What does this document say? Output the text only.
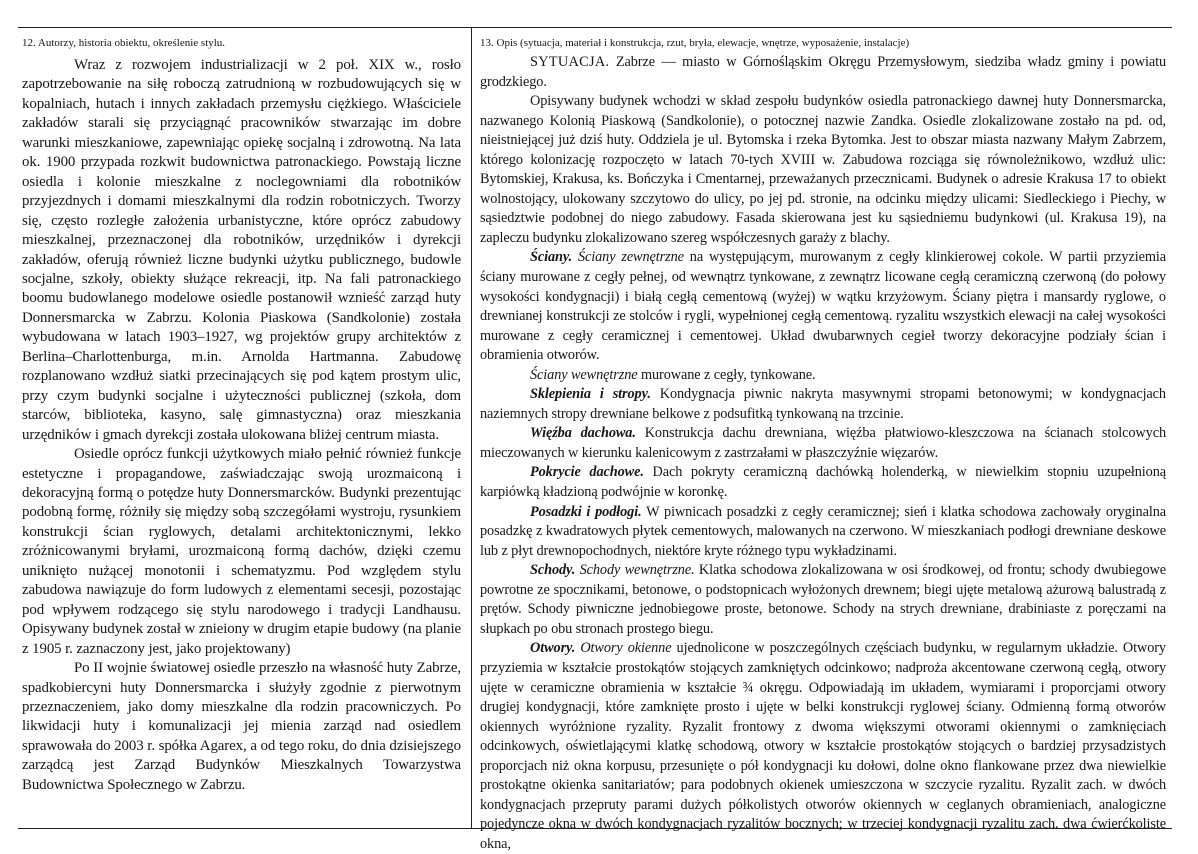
12. Autorzy, historia obiektu, określenie stylu.

Wraz z rozwojem industrializacji w 2 poł. XIX w., rosło zapotrzebowanie na siłę roboczą zatrudnioną w rozbudowujących się w kopalniach, hutach i innych zakładach przemysłu ciężkiego. Właściciele zakładów starali się przyciągnąć pracowników stwarzając im dobre warunki mieszkaniowe, zapewniając opiekę socjalną i zdrowotną. Na lata ok. 1900 przypada rozkwit budownictwa patronackiego. Powstają liczne osiedla i kolonie mieszkalne z noclegowniami dla robotników przyjezdnych i domami mieszkalnymi dla rodzin robotniczych. Tworzy się, często rozległe założenia urbanistyczne, które oprócz zabudowy mieszkalnej, przeznaczonej dla robotników, urzędników i dyrekcji zakładów, oferują również liczne budynki użytku publicznego, budowle socjalne, szkoły, obiekty służące rekreacji, itp. Na fali patronackiego boomu budowlanego modelowe osiedle postanowił wznieść zarząd huty Donnersmarcka w Zabrzu. Kolonia Piaskowa (Sandkolonie) została wybudowana w latach 1903–1927, wg projektów grupy architektów z Berlina–Charlottenburga, m.in. Arnolda Hartmanna. Zabudowę rozplanowano wzdłuż siatki przecinających się pod kątem prostym ulic, przy czym budynki socjalne i użyteczności publicznej (szkoła, dom starców, biblioteka, kasyno, salę gimnastyczna) oraz mieszkania urzędników i gmach dyrekcji została ulokowana bliżej centrum miasta.

Osiedle oprócz funkcji użytkowych miało pełnić również funkcje estetyczne i propagandowe, zaświadczając swoją urozmaiconą i dekoracyjną formą o potędze huty Donnersmarcków. Budynki prezentując podobną formę, różniły się między sobą szczegółami wystroju, rysunkiem konstrukcji ścian ryglowych, detalami architektonicznymi, lekko zróżnicowanymi bryłami, urozmaiconą formą dachów, dzięki czemu uniknięto nużącej monotonii i schematyzmu. Pod względem stylu zabudowa nawiązuje do form ludowych z elementami secesji, pozostając pod wpływem rodzącego się stylu narodowego i tradycji Landhausu. Opisywany budynek został w znieiony w drugim etapie budowy (na planie z 1905 r. zaznaczony jest, jako projektowany)

Po II wojnie światowej osiedle przeszło na własność huty Zabrze, spadkobiercyni huty Donnersmarcka i służyły zgodnie z pierwotnym przeznaczeniem, jako domy mieszkalne dla rodzin pracowniczych. Po likwidacji huty i komunalizacji jej mienia zarząd nad osiedlem sprawowała do 2003 r. spółka Agarex, a od tego roku, do dnia dzisiejszego zarządcą jest Zarząd Budynków Mieszkalnych Towarzystwa Budownictwa Społecznego w Zabrzu.

13. Opis (sytuacja, materiał i konstrukcja, rzut, bryła, elewacje, wnętrze, wyposażenie, instalacje)

SYTUACJA. Zabrze — miasto w Górnośląskim Okręgu Przemysłowym, siedziba władz gminy i powiatu grodzkiego.

Opisywany budynek wchodzi w skład zespołu budynków osiedla patronackiego dawnej huty Donnersmarcka, nazwanego Kolonią Piaskową (Sandkolonie), o potocznej nazwie Zandka. Osiedle zlokalizowane zostało na pd. od, nieistniejącej już dziś huty. Oddziela je ul. Bytomska i rzeka Bytomka. Jest to obszar miasta nazwany Małym Zabrzem, którego kolonizację rozpoczęto w latach 70-tych XVIII w. Zabudowa rozciąga się równoleżnikowo, wzdłuż ulic: Bytomskiej, Krakusa, ks. Bończyka i Cmentarnej, przeważanych przecznicami. Budynek o adresie Krakusa 17 to obiekt wolnostojący, ulokowany szczytowo do ulicy, po jej pd. stronie, na odcinku między ulicami: Siedleckiego i Piechy, w sąsiedztwie podobnej do niego zabudowy. Fasada skierowana jest ku sąsiedniemu budynkowi (ul. Krakusa 19), na zapleczu budynku zlokalizowano szereg współczesnych garaży z blachy.

Ściany. Ściany zewnętrzne na występującym, murowanym z cegły klinkierowej cokole. W partii przyziemia ściany murowane z cegły pełnej, od wewnątrz tynkowane, z zewnątrz licowane cegłą ceramiczną czerwoną (do połowy wysokości kondygnacji) i białą cegłą cementową (wyżej) w wątku krzyżowym. Ściany piętra i mansardy ryglowe, o drewnianej konstrukcji ze stolców i rygli, wypełnionej cegłą cementową. ryzalitu wszystkich elewacji na całej wysokości murowane z cegły ceramicznej i cementowej. Układ dwubarwnych cegieł tworzy dekoracyjne podziały ścian i obramienia otworów.

Ściany wewnętrzne murowane z cegły, tynkowane.

Sklepienia i stropy. Kondygnacja piwnic nakryta masywnymi stropami betonowymi; w kondygnacjach naziemnych stropy drewniane belkowe z podsufitką tynkowaną na trzcinie.

Więźba dachowa. Konstrukcja dachu drewniana, więźba płatwiowo-kleszczowa na ścianach stolcowych mieczowanych w kierunku kalenicowym z zastrzałami w płaszczyźnie więzarów.

Pokrycie dachowe. Dach pokryty ceramiczną dachówką holenderką, w niewielkim stopniu uzupełnioną karpiówką kładzioną podwójnie w koronkę.

Posadzki i podłogi. W piwnicach posadzki z cegły ceramicznej; sień i klatka schodowa zachowały oryginalna posadzkę z kwadratowych płytek cementowych, malowanych na czerwono. W mieszkaniach podłogi drewniane deskowe lub z płyt drewnopochodnych, niektóre kryte różnego typu wykładzinami.

Schody. Schody wewnętrzne. Klatka schodowa zlokalizowana w osi środkowej, od frontu; schody dwubiegowe powrotne ze spocznikami, betonowe, o podstopnicach wyłożonych drewnem; biegi ujęte metalową ażurową balustradą z prętów. Schody piwniczne jednobiegowe proste, betonowe. Schody na strych drewniane, drabiniaste z poręczami na słupkach po obu stronach prostego biegu.

Otwory. Otwory okienne ujednolicone w poszczególnych częściach budynku, w regularnym układzie. Otwory przyziemia w kształcie prostokątów stojących zamkniętych odcinkowo; nadproża akcentowane czerwoną cegłą, otwory ujęte w ceramiczne obramienia w kształcie ¾ okręgu. Odpowiadają im układem, wymiarami i proporcjami otwory drugiej kondygnacji, które zamknięte prosto i ujęte w belki konstrukcji ryglowej ściany. Odmienną formą otworów okiennych wyróżnione ryzality. Ryzalit frontowy z dwoma większymi otworami okiennymi o zamknięciach odcinkowych, oświetlającymi klatkę schodową, otwory w kształcie prostokątów stojących o bardziej przysadzistych proporcjach niż okna korpusu, przesunięte o pół kondygnacji ku dołowi, dolne okno flankowane przez dwa niewielkie prostokątne okienka sanitariatów; para podobnych okienek umieszczona w szczycie ryzalitu. Ryzalit zach. w dwóch kondygnacjach przepruty parami dużych półkolistych otworów okiennych w ceglanych obramieniach, analogiczne pojedyncze okna w dwóch kondygnacjach ryzalitów bocznych; w trzeciej kondygnacji ryzalitu zach. dwa ćwierćkoliste okna,
